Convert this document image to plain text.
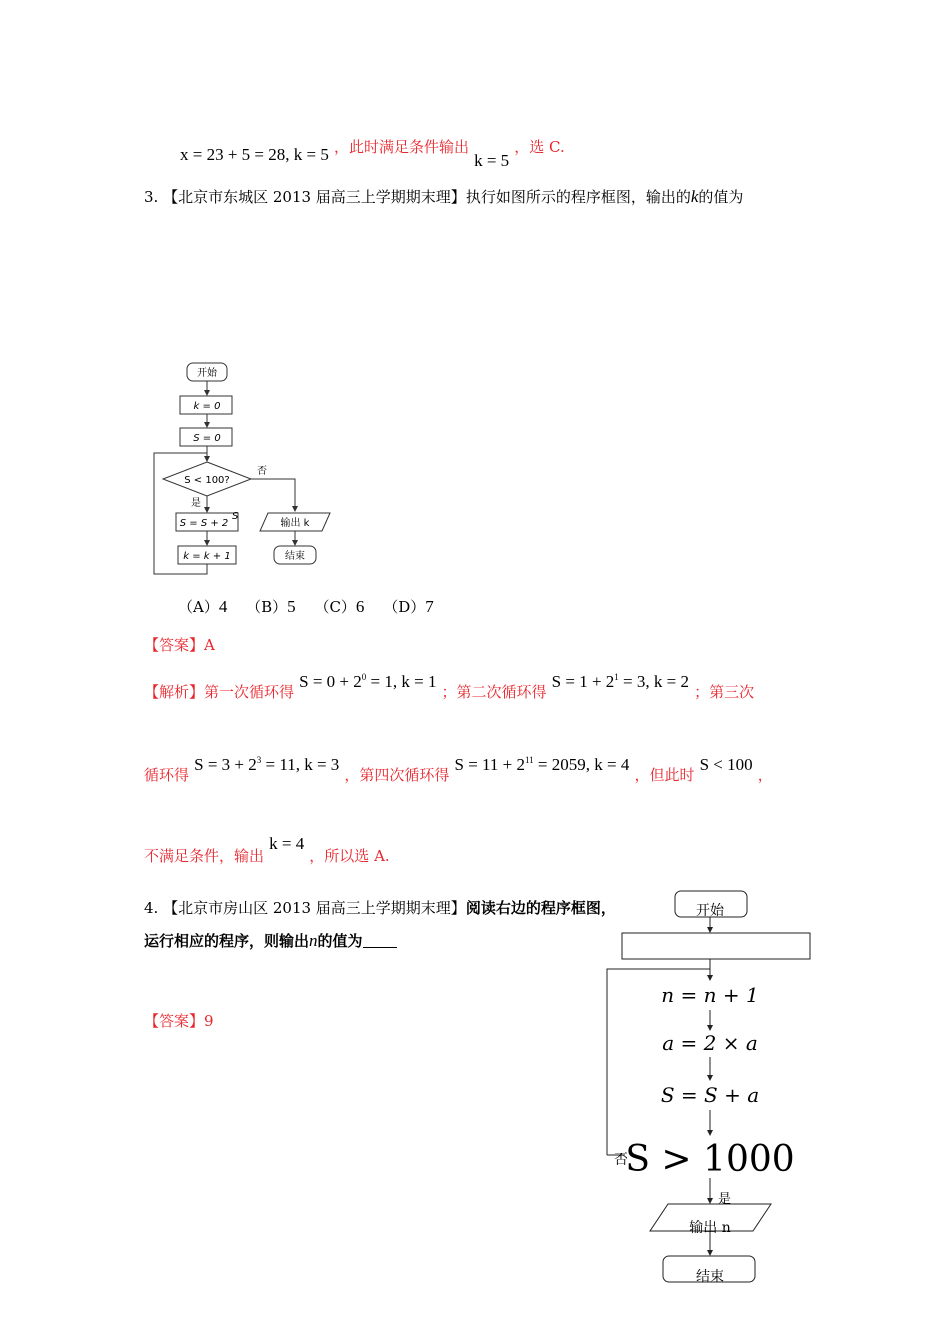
x = 23 + 5 = 28, k = 5 ，此时满足条件输出 k = 5 ，选 C.
3. 【北京市东城区 2013 届高三上学期期末理】执行如图所示的程序框图，输出的k的值为
开始
k = 0
S = 0
S < 100?
是
否
S = S + 2
S
k = k + 1
输出 k
结束
（A）4 （B）5 （C）6 （D）7
【答案】A
【解析】第一次循环得 $S = 0 + 2^0 = 1$, k = 1 ；第二次循环得 $S = 1 + 2^1 = 3$, k = 2 ；第三次
循环得 $S = 3 + 2^3 = 11$, k = 3 ，第四次循环得 $S = 11 + 2^{11} = 2059$, k = 4 ，但此时 S < 100 ，
不满足条件，输出 k = 4 ，所以选 A.
4. 【北京市房山区 2013 届高三上学期期末理】阅读右边的程序框图，
运行相应的程序，则输出n的值为
【答案】9
开始
n = n + 1
a = 2 × a
S = S + a
S > 1000
否
是
输出 n
结束
